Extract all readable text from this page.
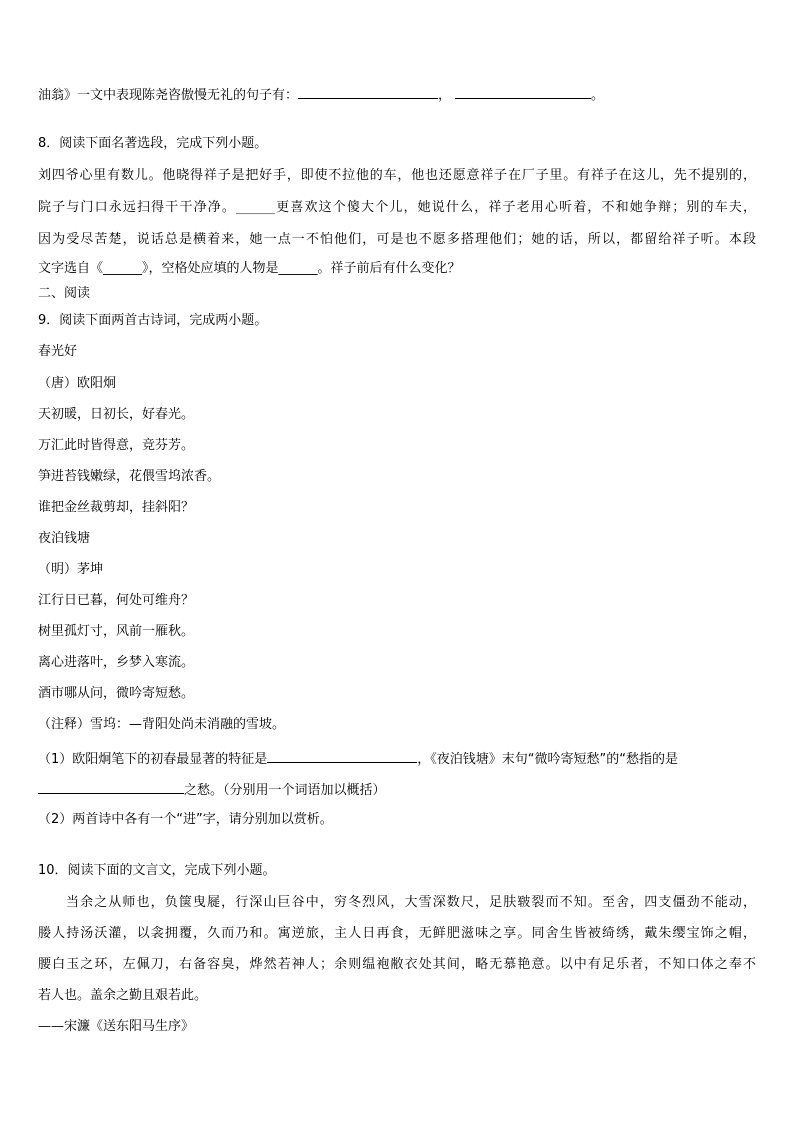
油翁》一文中表现陈尧咨傲慢无礼的句子有：	，	。
8．阅读下面名著选段，完成下列小题。
刘四爷心里有数儿。他晓得祥子是把好手，即使不拉他的车，他也还愿意祥子在厂子里。有祥子在这儿，先不提别的，
院子与门口永远扫得干干净净。______更喜欢这个傻大个儿，她说什么，祥子老用心听着，不和她争辩；别的车夫，
因为受尽苦楚，说话总是横着来，她一点一不怕他们，可是也不愿多搭理他们；她的话，所以，都留给祥子听。本段
文字选自《______》，空格处应填的人物是______。祥子前后有什么变化？
二、阅读
9．阅读下面两首古诗词，完成两小题。
春光好
（唐）欧阳炯
天初暖，日初长，好春光。
万汇此时皆得意，竞芬芳。
笋进苔钱嫩绿，花偎雪坞浓香。
谁把金丝裁剪却，挂斜阳？
夜泊钱塘
（明）茅坤
江行日已暮，何处可维舟？
树里孤灯寸，风前一雁秋。
离心进落叶，乡梦入寒流。
酒市哪从问，微吟寄短愁。
（注释）雪坞：—背阳处尚未消融的雪坡。
（1）欧阳炯笔下的初春最显著的特征是	，《夜泊钱塘》末句“微吟寄短愁”的“愁指的是
之愁。（分别用一个词语加以概括）
（2）两首诗中各有一个“进”字，请分别加以赏析。
10．阅读下面的文言文，完成下列小题。
当余之从师也，负箧曳屣，行深山巨谷中，穷冬烈风，大雪深数尺，足肤皲裂而不知。至舍，四支僵劲不能动，
媵人持汤沃灌，以衾拥覆，久而乃和。寓逆旅，主人日再食，无鲜肥滋味之享。同舍生皆被绮绣，戴朱缨宝饰之帽，
腰白玉之环，左佩刀，右备容臭，烨然若神人；余则缊袍敝衣处其间，略无慕艳意。以中有足乐者，不知口体之奉不
若人也。盖余之勤且艰若此。
——宋濂《送东阳马生序》
